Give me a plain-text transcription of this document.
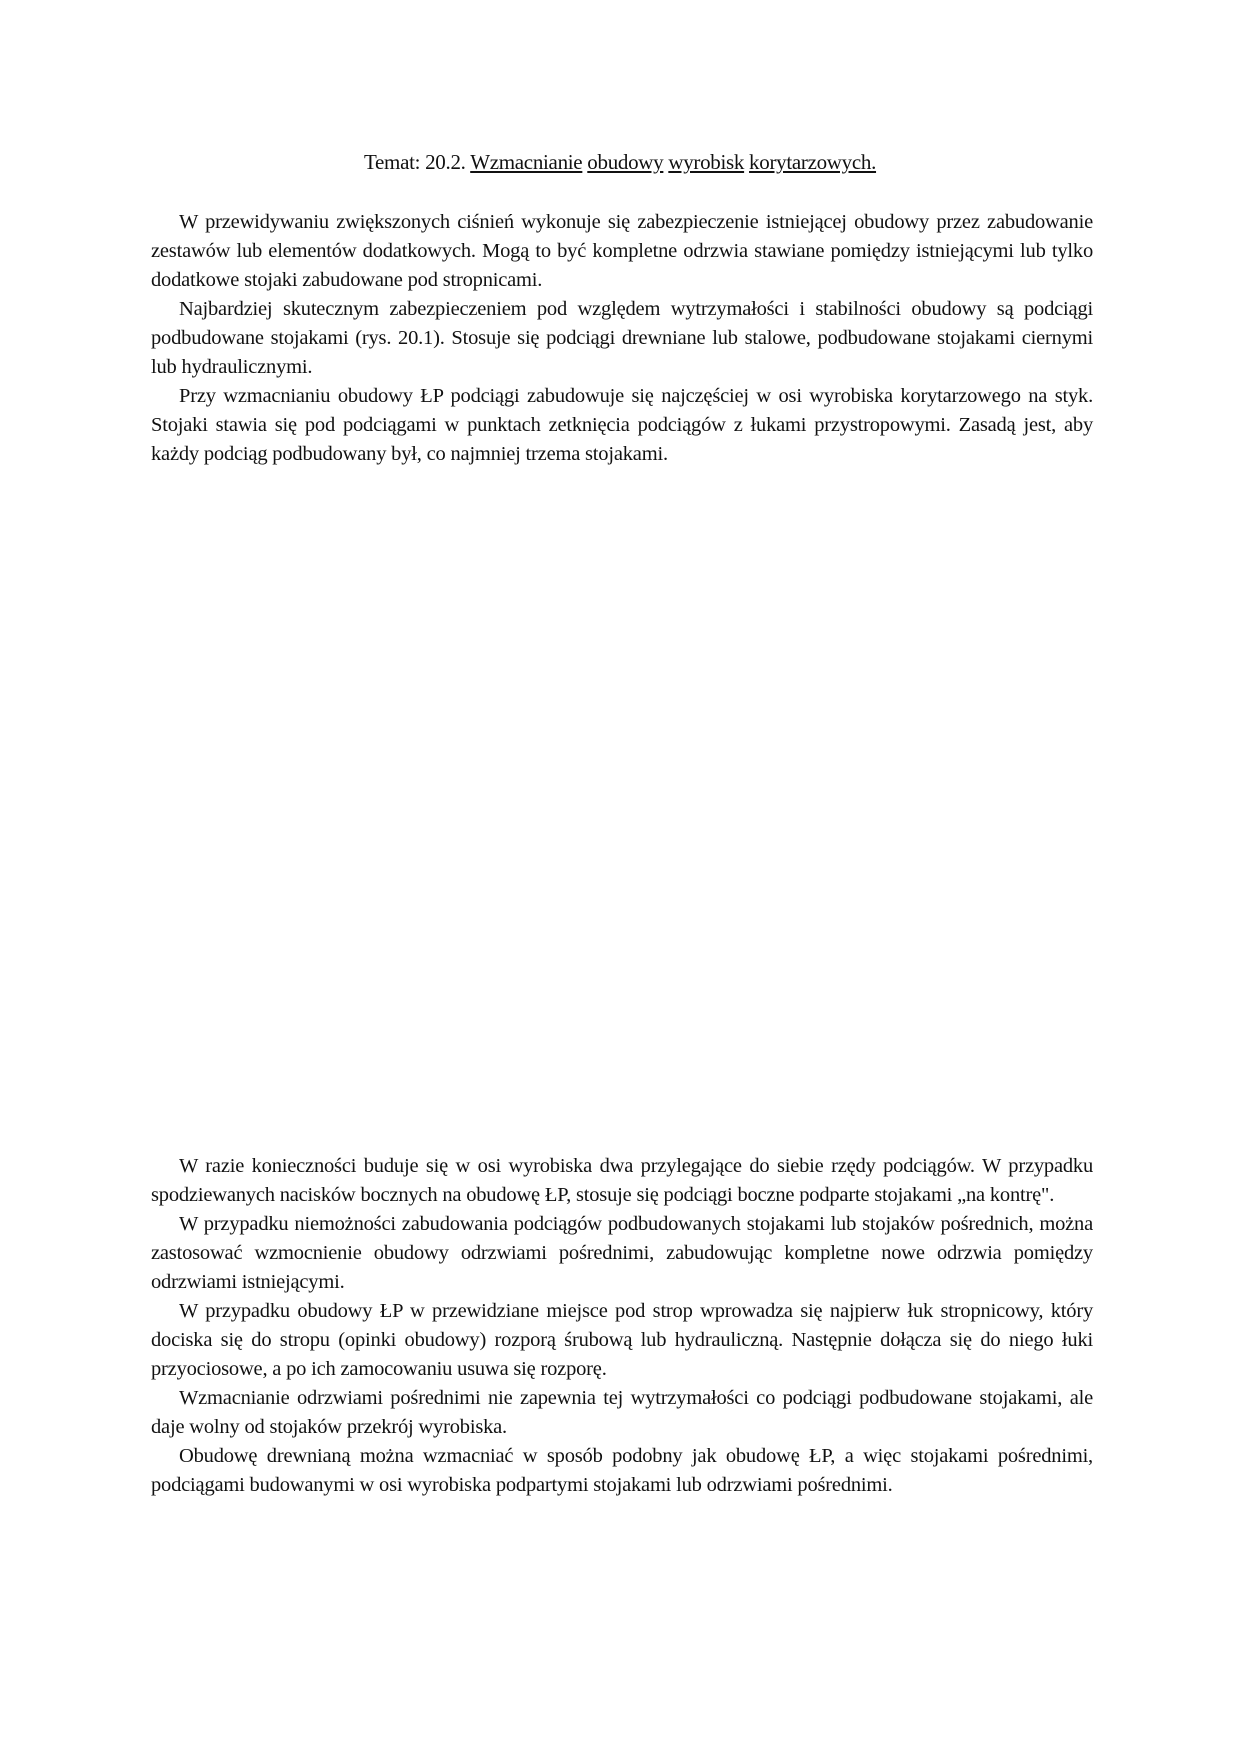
Temat: 20.2. Wzmacnianie obudowy wyrobisk korytarzowych.

W przewidywaniu zwiększonych ciśnień wykonuje się zabezpieczenie istniejącej obudowy przez zabudowanie zestawów lub elementów dodatkowych. Mogą to być kompletne odrzwia stawiane pomiędzy istniejącymi lub tylko dodatkowe stojaki zabudowane pod stropnicami.

Najbardziej skutecznym zabezpieczeniem pod względem wytrzymałości i stabilności obudowy są podciągi podbudowane stojakami (rys. 20.1). Stosuje się podciągi drewniane lub stalowe, podbudowane stojakami ciernymi lub hydraulicznymi.

Przy wzmacnianiu obudowy ŁP podciągi zabudowuje się najczęściej w osi wyrobiska korytarzowego na styk. Stojaki stawia się pod podciągami w punktach zetknięcia podciągów z łukami przystropowymi. Zasadą jest, aby każdy podciąg podbudowany był, co najmniej trzema stojakami.

W razie konieczności buduje się w osi wyrobiska dwa przylegające do siebie rzędy podciągów. W przypadku spodziewanych nacisków bocznych na obudowę ŁP, stosuje się podciągi boczne podparte stojakami „na kontrę".

W przypadku niemożności zabudowania podciągów podbudowanych stojakami lub stojaków pośrednich, można zastosować wzmocnienie obudowy odrzwiami pośrednimi, zabudowując kompletne nowe odrzwia pomiędzy odrzwiami istniejącymi.

W przypadku obudowy ŁP w przewidziane miejsce pod strop wprowadza się najpierw łuk stropnicowy, który dociska się do stropu (opinki obudowy) rozporą śrubową lub hydrauliczną. Następnie dołącza się do niego łuki przyociosowe, a po ich zamocowaniu usuwa się rozporę.

Wzmacnianie odrzwiami pośrednimi nie zapewnia tej wytrzymałości co podciągi podbudowane stojakami, ale daje wolny od stojaków przekrój wyrobiska.

Obudowę drewnianą można wzmacniać w sposób podobny jak obudowę ŁP, a więc stojakami pośrednimi, podciągami budowanymi w osi wyrobiska podpartymi stojakami lub odrzwiami pośrednimi.
